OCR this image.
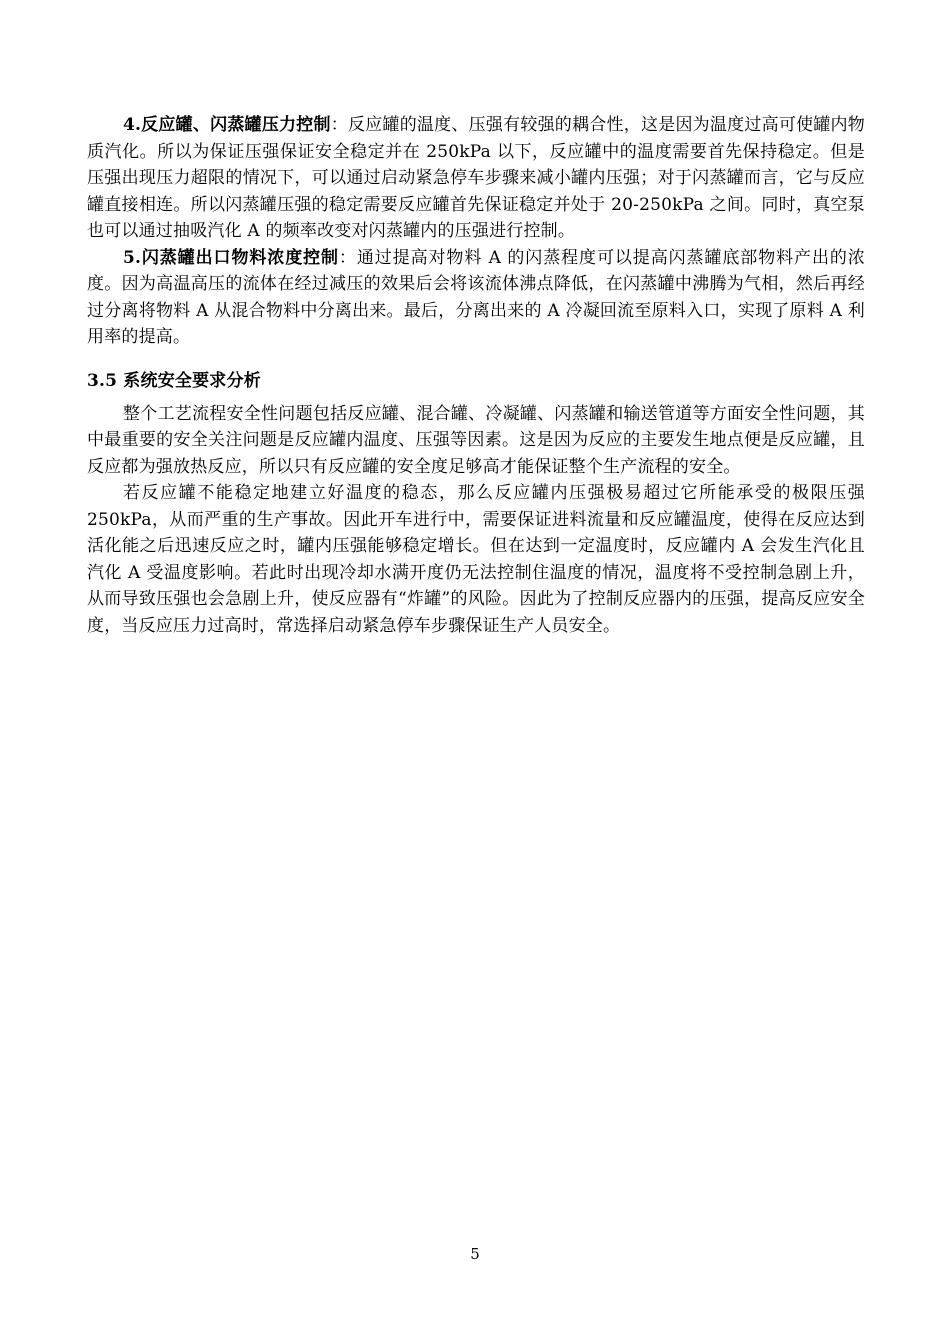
4.反应罐、闪蒸罐压力控制：反应罐的温度、压强有较强的耦合性，这是因为温度过高可使罐内物质汽化。所以为保证压强保证安全稳定并在 250kPa 以下，反应罐中的温度需要首先保持稳定。但是压强出现压力超限的情况下，可以通过启动紧急停车步骤来减小罐内压强；对于闪蒸罐而言，它与反应罐直接相连。所以闪蒸罐压强的稳定需要反应罐首先保证稳定并处于 20-250kPa 之间。同时，真空泵也可以通过抽吸汽化 A 的频率改变对闪蒸罐内的压强进行控制。

5.闪蒸罐出口物料浓度控制：通过提高对物料 A 的闪蒸程度可以提高闪蒸罐底部物料产出的浓度。因为高温高压的流体在经过减压的效果后会将该流体沸点降低，在闪蒸罐中沸腾为气相，然后再经过分离将物料 A 从混合物料中分离出来。最后，分离出来的 A 冷凝回流至原料入口，实现了原料 A 利用率的提高。

3.5 系统安全要求分析

整个工艺流程安全性问题包括反应罐、混合罐、冷凝罐、闪蒸罐和输送管道等方面安全性问题，其中最重要的安全关注问题是反应罐内温度、压强等因素。这是因为反应的主要发生地点便是反应罐，且反应都为强放热反应，所以只有反应罐的安全度足够高才能保证整个生产流程的安全。

若反应罐不能稳定地建立好温度的稳态，那么反应罐内压强极易超过它所能承受的极限压强 250kPa，从而严重的生产事故。因此开车进行中，需要保证进料流量和反应罐温度，使得在反应达到活化能之后迅速反应之时，罐内压强能够稳定增长。但在达到一定温度时，反应罐内 A 会发生汽化且汽化 A 受温度影响。若此时出现冷却水满开度仍无法控制住温度的情况，温度将不受控制急剧上升，从而导致压强也会急剧上升，使反应器有“炸罐”的风险。因此为了控制反应器内的压强，提高反应安全度，当反应压力过高时，常选择启动紧急停车步骤保证生产人员安全。

5
